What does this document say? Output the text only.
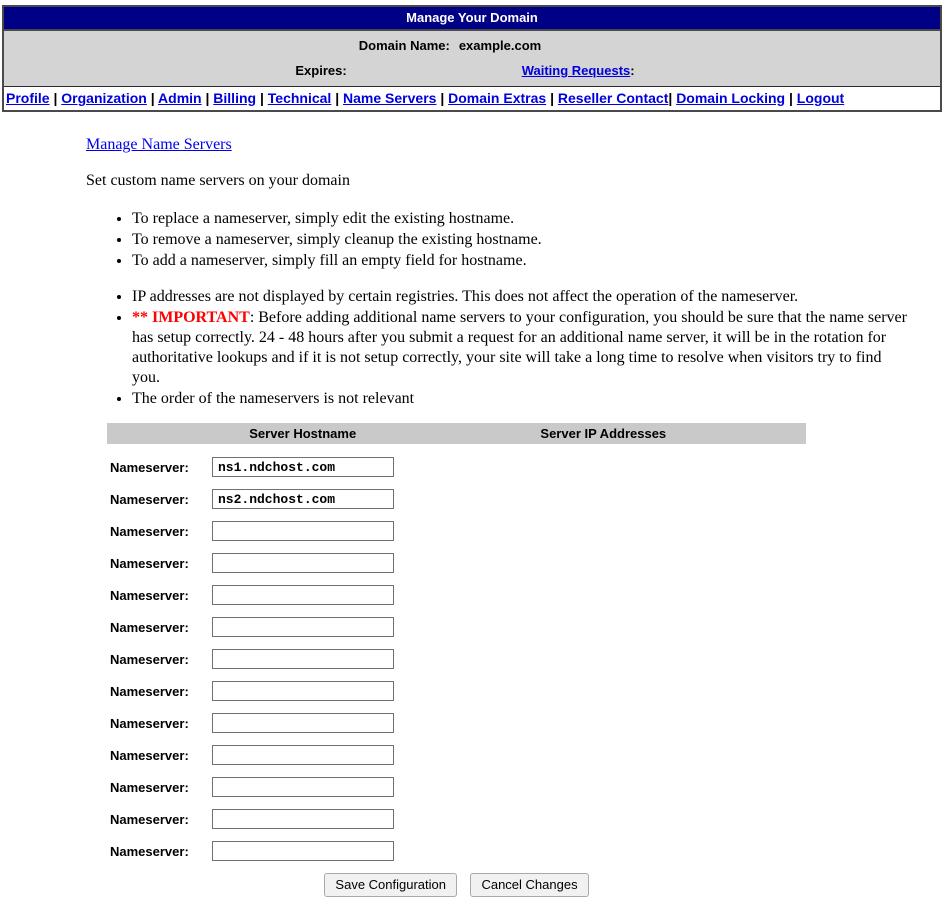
Manage Your Domain
Domain Name: example.com
Expires:	Waiting Requests:
Profile | Organization | Admin | Billing | Technical | Name Servers | Domain Extras | Reseller Contact| Domain Locking | Logout
Manage Name Servers

Set custom name servers on your domain

• To replace a nameserver, simply edit the existing hostname.
• To remove a nameserver, simply cleanup the existing hostname.
• To add a nameserver, simply fill an empty field for hostname.
• IP addresses are not displayed by certain registries. This does not affect the operation of the nameserver.
• ** IMPORTANT: Before adding additional name servers to your configuration, you should be sure that the name server has setup correctly. 24 - 48 hours after you submit a request for an additional name server, it will be in the rotation for authoritative lookups and if it is not setup correctly, your site will take a long time to resolve when visitors try to find you.
• The order of the nameservers is not relevant
Server Hostname	Server IP Addresses
Nameserver:
ns1.ndchost.com
Nameserver:
ns2.ndchost.com
Nameserver:
Nameserver:
Nameserver:
Nameserver:
Nameserver:
Nameserver:
Nameserver:
Nameserver:
Nameserver:
Nameserver:
Nameserver:
Save Configuration	Cancel Changes
